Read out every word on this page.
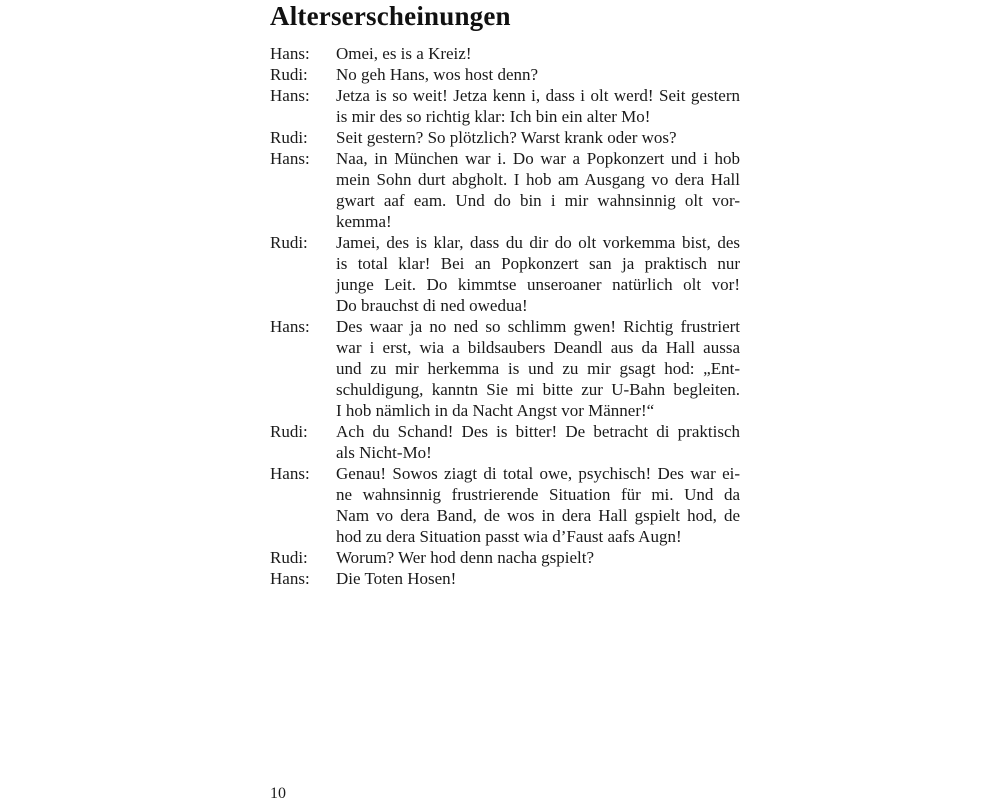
Alterserscheinungen
Hans:	Omei, es is a Kreiz!
Rudi:	No geh Hans, wos host denn?
Hans:	Jetza is so weit! Jetza kenn i, dass i olt werd! Seit gestern
is mir des so richtig klar: Ich bin ein alter Mo!
Rudi:	Seit gestern? So plötzlich? Warst krank oder wos?
Hans:	Naa, in München war i. Do war a Popkonzert und i hob
mein Sohn durt abgholt. I hob am Ausgang vo dera Hall
gwart aaf eam. Und do bin i mir wahnsinnig olt vor-
kemma!
Rudi:	Jamei, des is klar, dass du dir do olt vorkemma bist, des
is total klar! Bei an Popkonzert san ja praktisch nur
junge Leit. Do kimmtse unseroaner natürlich olt vor!
Do brauchst di ned owedua!
Hans:	Des waar ja no ned so schlimm gwen! Richtig frustriert
war i erst, wia a bildsaubers Deandl aus da Hall aussa
und zu mir herkemma is und zu mir gsagt hod: „Ent-
schuldigung, kanntn Sie mi bitte zur U-Bahn begleiten.
I hob nämlich in da Nacht Angst vor Männer!“
Rudi:	Ach du Schand! Des is bitter! De betracht di praktisch
als Nicht-Mo!
Hans:	Genau! Sowos ziagt di total owe, psychisch! Des war ei-
ne wahnsinnig frustrierende Situation für mi. Und da
Nam vo dera Band, de wos in dera Hall gspielt hod, de
hod zu dera Situation passt wia d’Faust aafs Augn!
Rudi:	Worum? Wer hod denn nacha gspielt?
Hans:	Die Toten Hosen!
10
